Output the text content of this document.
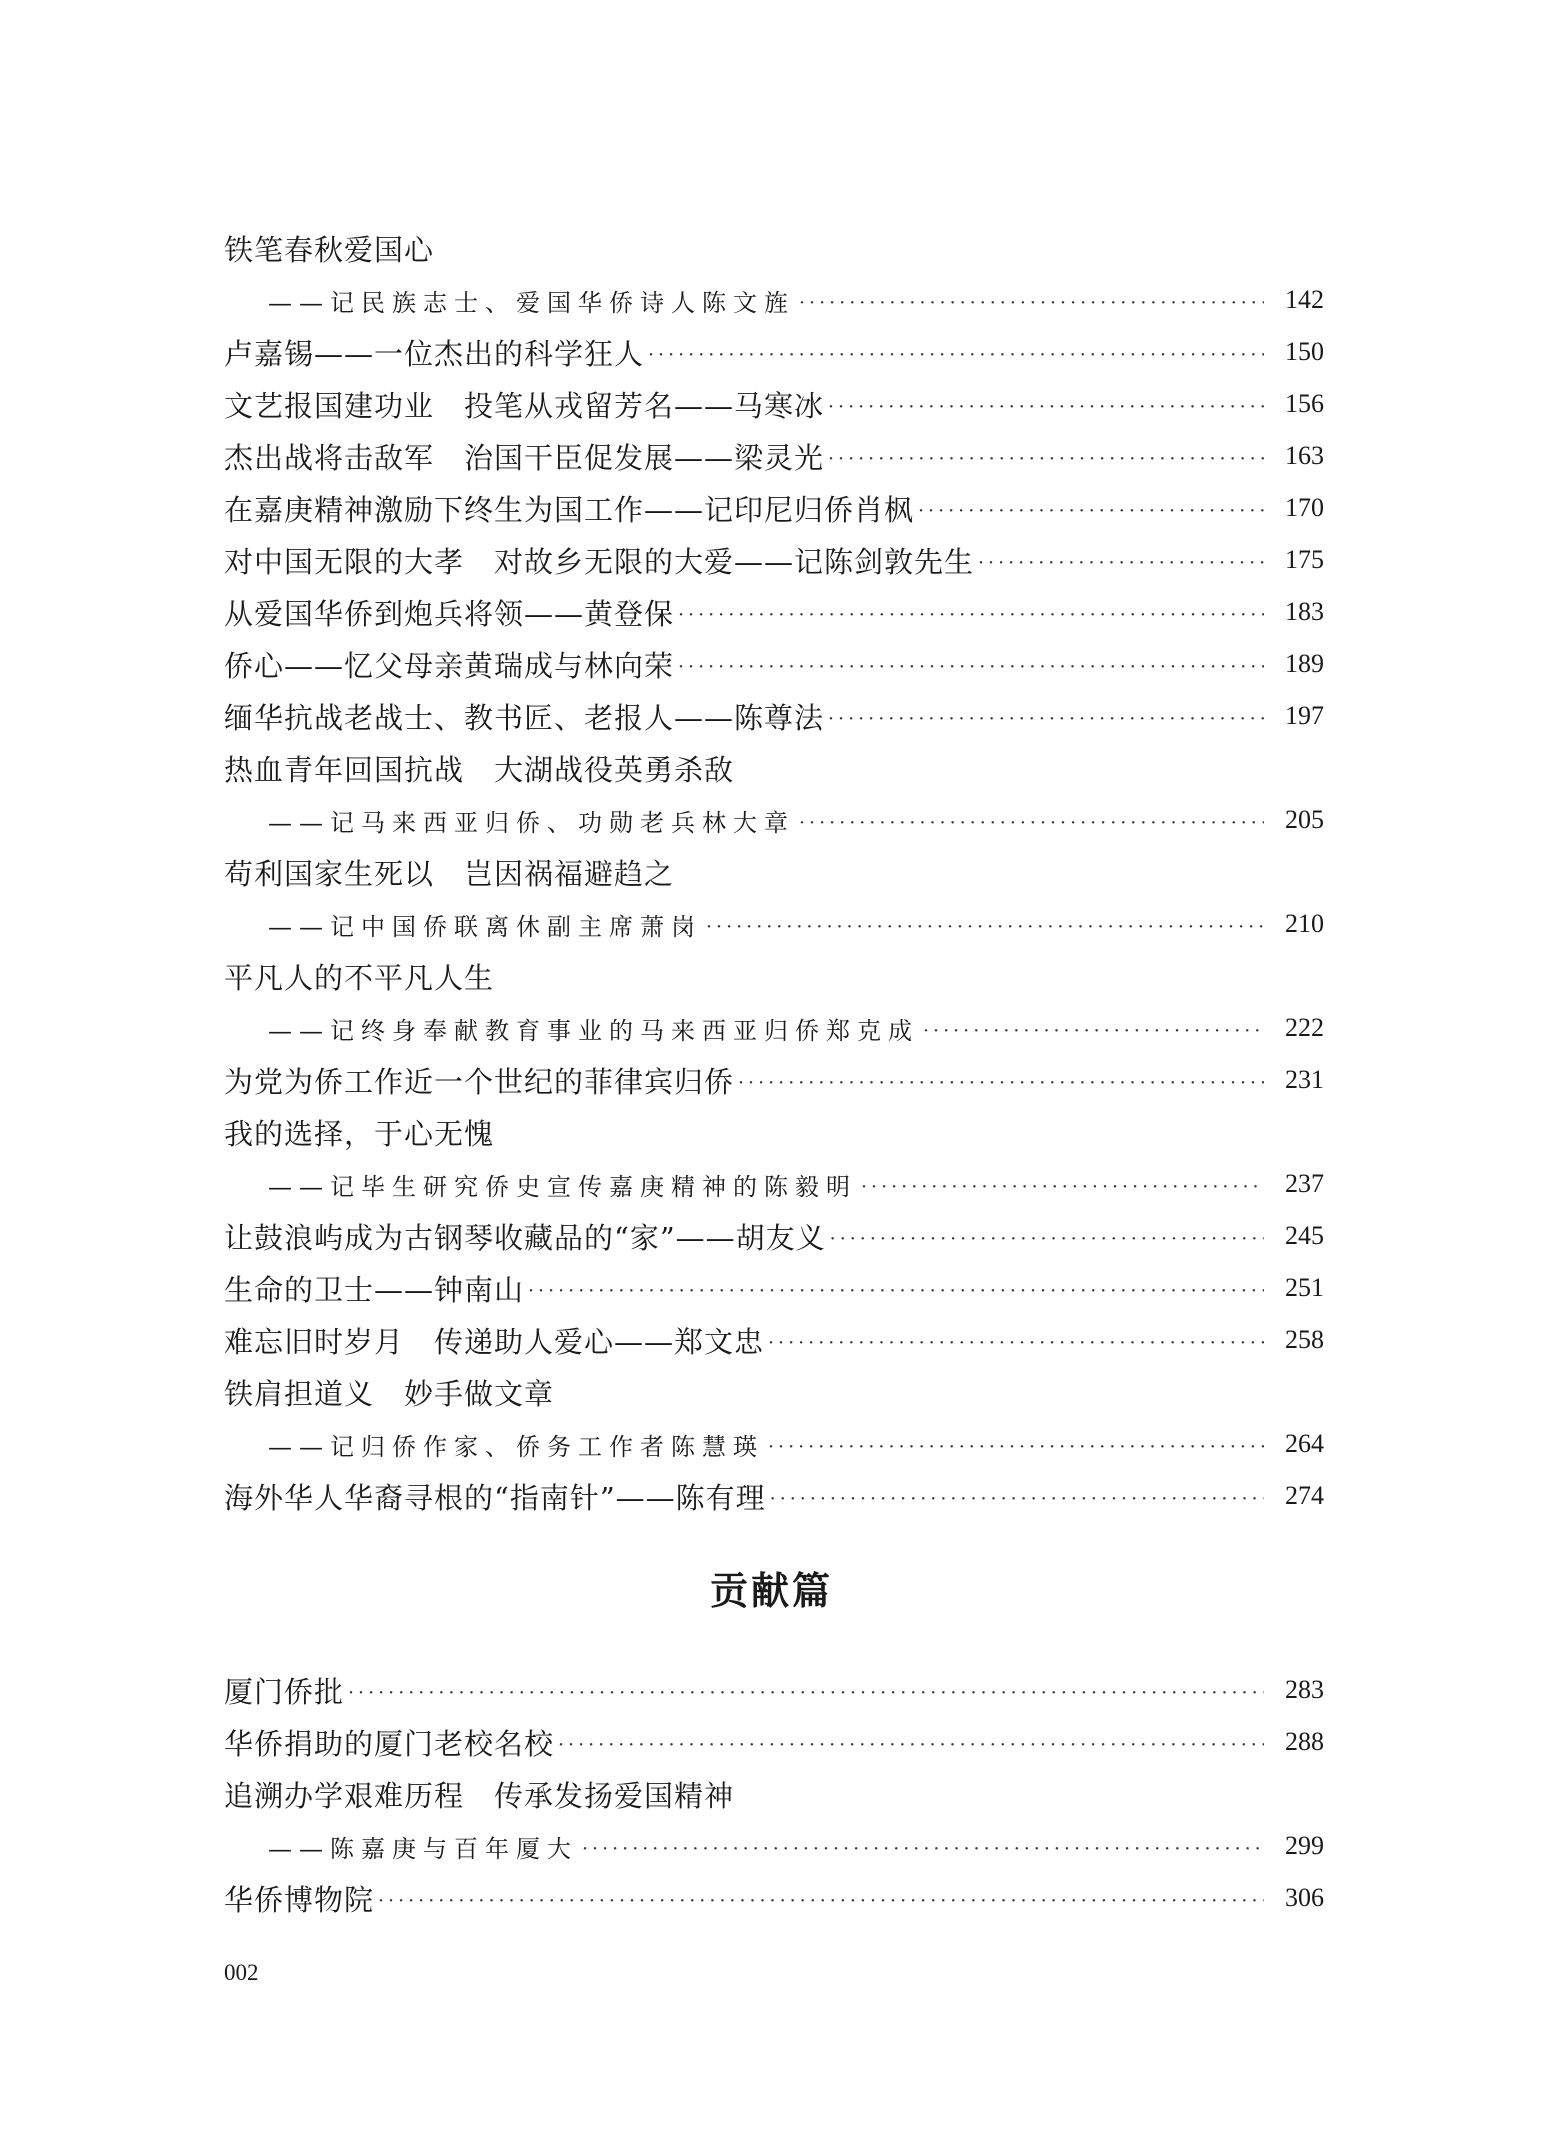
铁笔春秋爱国心
——记民族志士、爱国华侨诗人陈文旌 ·····	142
卢嘉锡——一位杰出的科学狂人 ·····	150
文艺报国建功业　投笔从戎留芳名——马寒冰 ·····	156
杰出战将击敌军　治国干臣促发展——梁灵光 ·····	163
在嘉庚精神激励下终生为国工作——记印尼归侨肖枫 ·····	170
对中国无限的大孝　对故乡无限的大爱——记陈剑敦先生 ·····	175
从爱国华侨到炮兵将领——黄登保 ·····	183
侨心——忆父母亲黄瑞成与林向荣 ·····	189
缅华抗战老战士、教书匠、老报人——陈尊法 ·····	197
热血青年回国抗战　大湖战役英勇杀敌
——记马来西亚归侨、功勋老兵林大章 ·····	205
苟利国家生死以　岂因祸福避趋之
——记中国侨联离休副主席萧岗 ·····	210
平凡人的不平凡人生
——记终身奉献教育事业的马来西亚归侨郑克成 ·····	222
为党为侨工作近一个世纪的菲律宾归侨 ·····	231
我的选择，于心无愧
——记毕生研究侨史宣传嘉庚精神的陈毅明 ·····	237
让鼓浪屿成为古钢琴收藏品的“家”——胡友义 ·····	245
生命的卫士——钟南山 ·····	251
难忘旧时岁月　传递助人爱心——郑文忠 ·····	258
铁肩担道义　妙手做文章
——记归侨作家、侨务工作者陈慧瑛 ·····	264
海外华人华裔寻根的“指南针”——陈有理 ·····	274
贡献篇
厦门侨批 ·····	283
华侨捐助的厦门老校名校 ·····	288
追溯办学艰难历程　传承发扬爱国精神
——陈嘉庚与百年厦大 ·····	299
华侨博物院 ·····	306
002
